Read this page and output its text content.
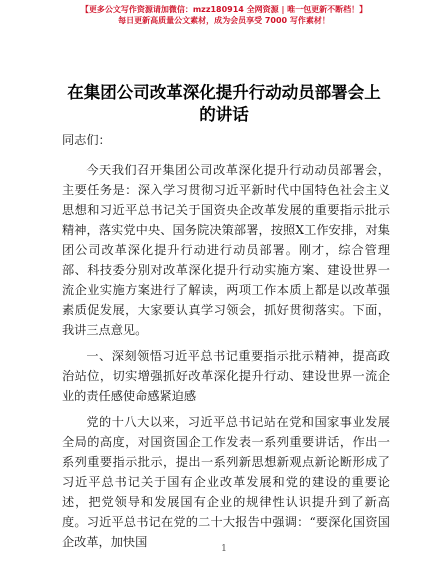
【更多公文写作资源请加微信：mzz180914 全网资源 | 唯一包更新不断档！】
每日更新高质量公文素材，成为会员享受 7000 写作素材！
在集团公司改革深化提升行动动员部署会上的讲话

同志们：

今天我们召开集团公司改革深化提升行动动员部署会，主要任务是：深入学习贯彻习近平新时代中国特色社会主义思想和习近平总书记关于国资央企改革发展的重要指示批示精神，落实党中央、国务院决策部署，按照X工作安排，对集团公司改革深化提升行动进行动员部署。刚才，综合管理部、科技委分别对改革深化提升行动实施方案、建设世界一流企业实施方案进行了解读，两项工作本质上都是以改革强素质促发展，大家要认真学习领会，抓好贯彻落实。下面，我讲三点意见。

一、深刻领悟习近平总书记重要指示批示精神，提高政治站位，切实增强抓好改革深化提升行动、建设世界一流企业的责任感使命感紧迫感

党的十八大以来，习近平总书记站在党和国家事业发展全局的高度，对国资国企工作发表一系列重要讲话，作出一系列重要指示批示，提出一系列新思想新观点新论断形成了习近平总书记关于国有企业改革发展和党的建设的重要论述，把党领导和发展国有企业的规律性认识提升到了新高度。习近平总书记在党的二十大报告中强调：“要深化国资国企改革，加快国	1
